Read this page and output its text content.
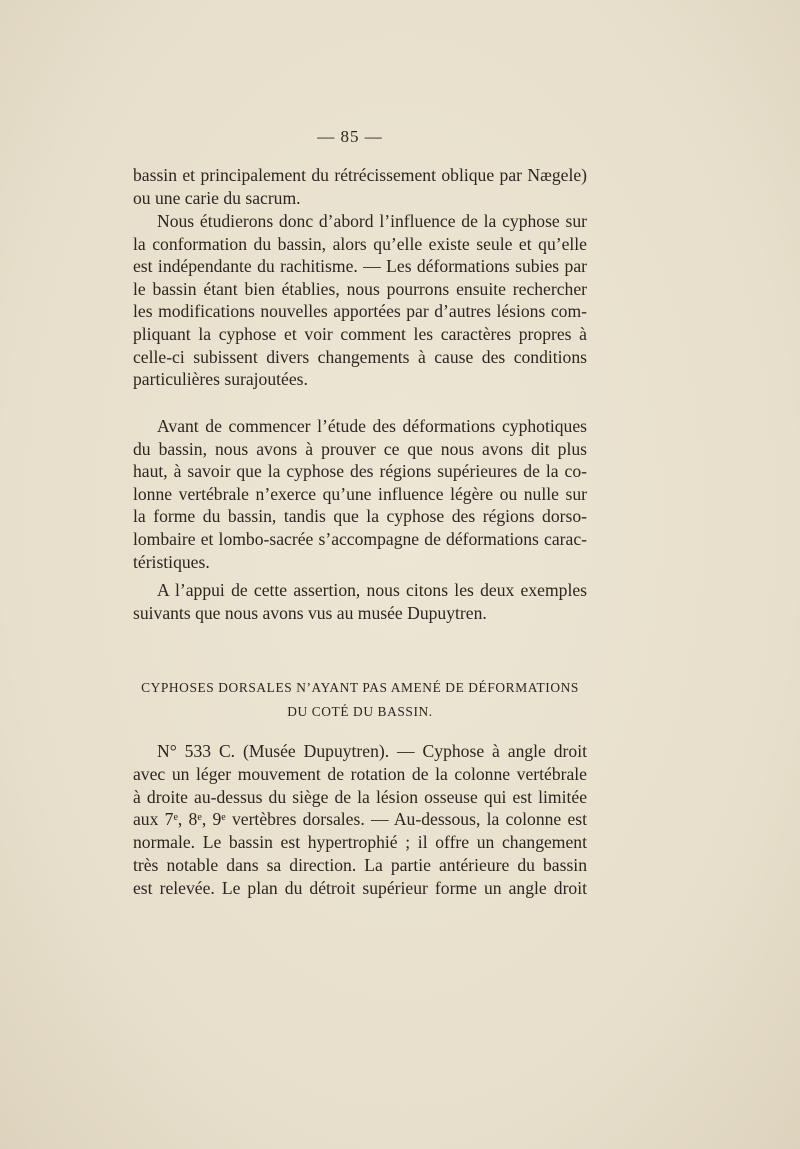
— 85 —

bassin et principalement du rétrécissement oblique par Nægele)
ou une carie du sacrum.

Nous étudierons donc d’abord l’influence de la cyphose sur
la conformation du bassin, alors qu’elle existe seule et qu’elle
est indépendante du rachitisme. — Les déformations subies par
le bassin étant bien établies, nous pourrons ensuite rechercher
les modifications nouvelles apportées par d’autres lésions com-
pliquant la cyphose et voir comment les caractères propres à
celle-ci subissent divers changements à cause des conditions
particulières surajoutées.

Avant de commencer l’étude des déformations cyphotiques
du bassin, nous avons à prouver ce que nous avons dit plus
haut, à savoir que la cyphose des régions supérieures de la co-
lonne vertébrale n’exerce qu’une influence légère ou nulle sur
la forme du bassin, tandis que la cyphose des régions dorso-
lombaire et lombo-sacrée s’accompagne de déformations carac-
téristiques.

A l’appui de cette assertion, nous citons les deux exemples
suivants que nous avons vus au musée Dupuytren.

CYPHOSES DORSALES N’AYANT PAS AMENÉ DE DÉFORMATIONS
DU COTÉ DU BASSIN.

N° 533 C. (Musée Dupuytren). — Cyphose à angle droit
avec un léger mouvement de rotation de la colonne vertébrale
à droite au-dessus du siège de la lésion osseuse qui est limitée
aux 7e, 8e, 9e vertèbres dorsales. — Au-dessous, la colonne est
normale. Le bassin est hypertrophié ; il offre un changement
très notable dans sa direction. La partie antérieure du bassin
est relevée. Le plan du détroit supérieur forme un angle droit
